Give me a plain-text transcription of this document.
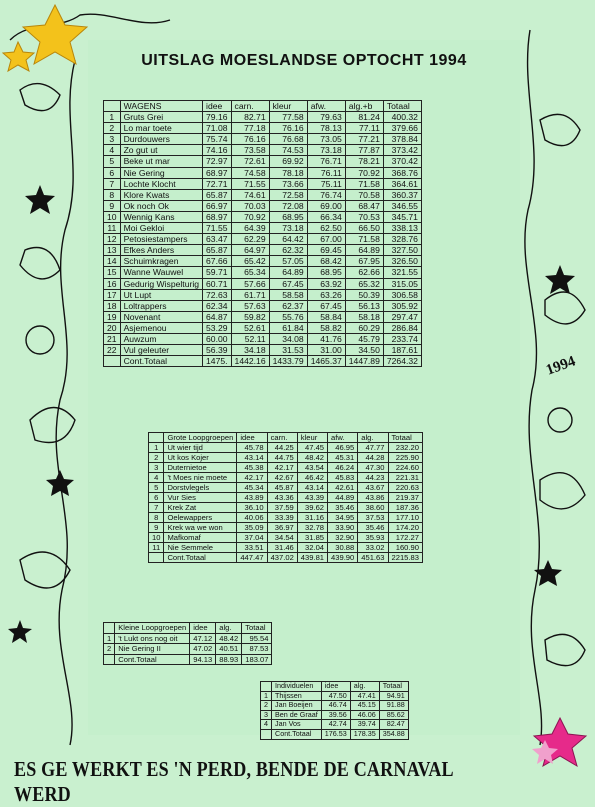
UITSLAG MOESLANDSE OPTOCHT 1994
1994
	WAGENS	idee	carn.	kleur	afw.	alg.+b	Totaal
1	Gruts Grei	79.16	82.71	77.58	79.63	81.24	400.32
2	Lo mar toete	71.08	77.18	76.16	78.13	77.11	379.66
3	Durdouwers	75.74	76.16	76.68	73.05	77.21	378.84
4	Zo gut ut	74.16	73.58	74.53	73.18	77.87	373.42
5	Beke ut mar	72.97	72.61	69.92	76.71	78.21	370.42
6	Nie Gering	68.97	74.58	78.18	76.11	70.92	368.76
7	Lochte Klocht	72.71	71.55	73.66	75.11	71.58	364.61
8	Klore Kwats	65.87	74.61	72.58	76.74	70.58	360.37
9	Ok noch Ok	66.97	70.03	72.08	69.00	68.47	346.55
10	Wennig Kans	68.97	70.92	68.95	66.34	70.53	345.71
11	Moi Gekloi	71.55	64.39	73.18	62.50	66.50	338.13
12	Petosiestampers	63.47	62.29	64.42	67.00	71.58	328.76
13	Efkes Anders	65.87	64.97	62.32	69.45	64.89	327.50
14	Schuimkragen	67.66	65.42	57.05	68.42	67.95	326.50
15	Wanne Wauwel	59.71	65.34	64.89	68.95	62.66	321.55
16	Gedurig Wispelturig	60.71	57.66	67.45	63.92	65.32	315.05
17	Ut Lupt	72.63	61.71	58.58	63.26	50.39	306.58
18	Loltrappers	62.34	57.63	62.37	67.45	56.13	305.92
19	Novenant	64.87	59.82	55.76	58.84	58.18	297.47
20	Asjemenou	53.29	52.61	61.84	58.82	60.29	286.84
21	Auwzum	60.00	52.11	34.08	41.76	45.79	233.74
22	Vul geleuter	56.39	34.18	31.53	31.00	34.50	187.61
	Cont.Totaal	1475.	1442.16	1433.79	1465.37	1447.89	7264.32
	Grote Loopgroepen	idee	carn.	kleur	afw.	alg.	Totaal
1	Ut wier tijd	45.78	44.25	47.45	46.95	47.77	232.20
2	Ut kos Kojer	43.14	44.75	48.42	45.31	44.28	225.90
3	Duternietoe	45.38	42.17	43.54	46.24	47.30	224.60
4	't Moes nie moete	42.17	42.67	46.42	45.83	44.23	221.31
5	Dorstvlegels	45.34	45.87	43.14	42.61	43.67	220.63
6	Vur Sies	43.89	43.36	43.39	44.89	43.86	219.37
7	Krek Zat	36.10	37.59	39.62	35.46	38.60	187.36
8	Oelewappers	40.06	33.39	31.16	34.95	37.53	177.10
9	Krek wa we won	35.09	36.97	32.78	33.90	35.46	174.20
10	Mafkomaf	37.04	34.54	31.85	32.90	35.93	172.27
11	Nie Semmele	33.51	31.46	32.04	30.88	33.02	160.90
	Cont.Totaal	447.47	437.02	439.81	439.90	451.63	2215.83
	Kleine Loopgroepen	idee	alg.	Totaal
1	't Lukt ons nog oit	47.12	48.42	95.54
2	Nie Gering II	47.02	40.51	87.53
	Cont.Totaal	94.13	88.93	183.07
	Individuelen	idee	alg.	Totaal
1	Thijssen	47.50	47.41	94.91
2	Jan Boeijen	46.74	45.15	91.88
3	Ben de Graaf	39.56	46.06	85.62
4	Jan Vos	42.74	39.74	82.47
	Cont.Totaal	176.53	178.35	354.88
ES GE WERKT ES 'N PERD, BENDE DE CARNAVAL WERD
